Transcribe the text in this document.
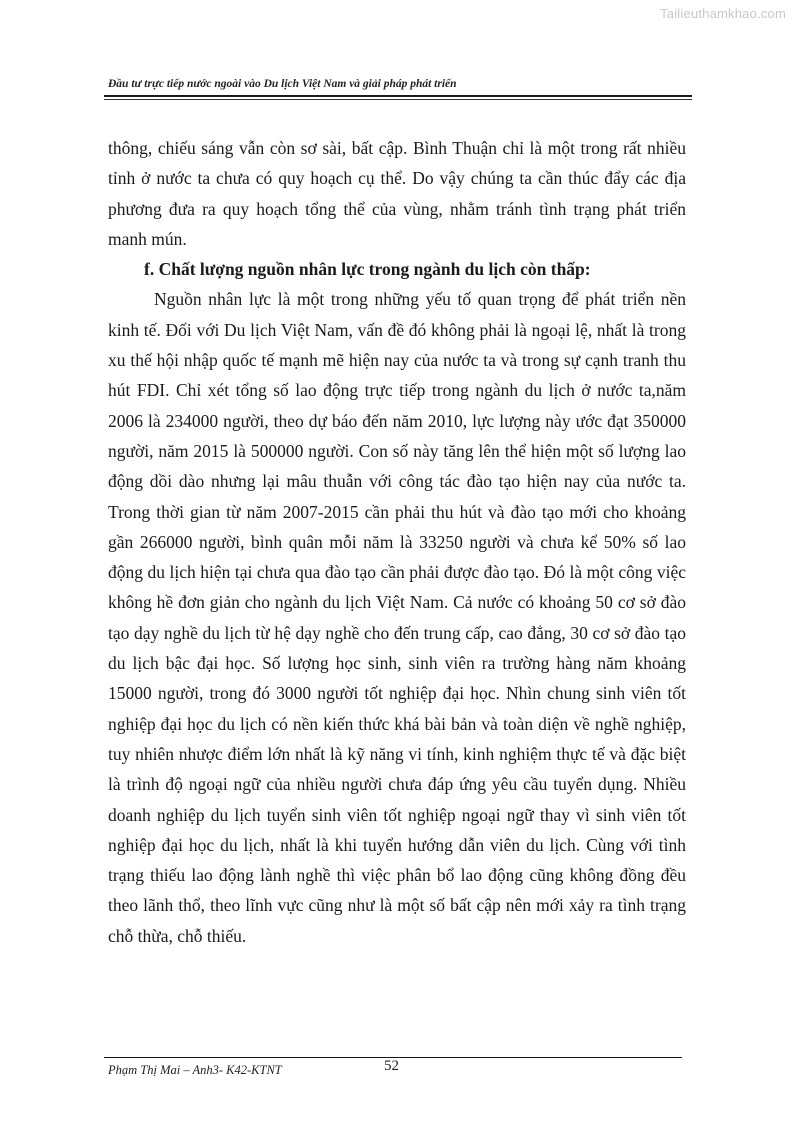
Tailieuthamkhao.com
Đầu tư trực tiếp nước ngoài vào Du lịch Việt Nam và giải pháp phát triển

thông, chiếu sáng vẫn còn sơ sài, bất cập. Bình Thuận chỉ là một trong rất nhiều tỉnh ở nước ta chưa có quy hoạch cụ thể. Do vậy chúng ta cần thúc đẩy các địa phương đưa ra quy hoạch tổng thể của vùng, nhằm tránh tình trạng phát triển manh mún.

f. Chất lượng nguồn nhân lực trong ngành du lịch còn thấp:

Nguồn nhân lực là một trong những yếu tố quan trọng để phát triển nền kinh tế. Đối với Du lịch Việt Nam, vấn đề đó không phải là ngoại lệ, nhất là trong xu thế hội nhập quốc tế mạnh mẽ hiện nay của nước ta và trong sự cạnh tranh thu hút FDI. Chỉ xét tổng số lao động trực tiếp trong ngành du lịch ở nước ta,năm 2006 là 234000 người, theo dự báo đến năm 2010, lực lượng này ước đạt 350000 người, năm 2015 là 500000 người. Con số này tăng lên thể hiện một số lượng lao động dồi dào nhưng lại mâu thuẫn với công tác đào tạo hiện nay của nước ta. Trong thời gian từ năm 2007-2015 cần phải thu hút và đào tạo mới cho khoảng gần 266000 người, bình quân mỗi năm là 33250 người và chưa kể 50% số lao động du lịch hiện tại chưa qua đào tạo cần phải được đào tạo. Đó là một công việc không hề đơn giản cho ngành du lịch Việt Nam. Cả nước có khoảng 50 cơ sở đào tạo dạy nghề du lịch từ hệ dạy nghề cho đến trung cấp, cao đẳng, 30 cơ sở đào tạo du lịch bậc đại học. Số lượng học sinh, sinh viên ra trường hàng năm khoảng 15000 người, trong đó 3000 người tốt nghiệp đại học. Nhìn chung sinh viên tốt nghiệp đại học du lịch có nền kiến thức khá bài bản và toàn diện về nghề nghiệp, tuy nhiên nhược điểm lớn nhất là kỹ năng vi tính, kinh nghiệm thực tế và đặc biệt là trình độ ngoại ngữ của nhiều người chưa đáp ứng yêu cầu tuyển dụng. Nhiều doanh nghiệp du lịch tuyển sinh viên tốt nghiệp ngoại ngữ thay vì sinh viên tốt nghiệp đại học du lịch, nhất là khi tuyển hướng dẫn viên du lịch. Cùng với tình trạng thiếu lao động lành nghề thì việc phân bổ lao động cũng không đồng đều theo lãnh thổ, theo lĩnh vực cũng như là một số bất cập nên mới xảy ra tình trạng chỗ thừa, chỗ thiếu.

Phạm Thị Mai – Anh3- K42-KTNT	52
